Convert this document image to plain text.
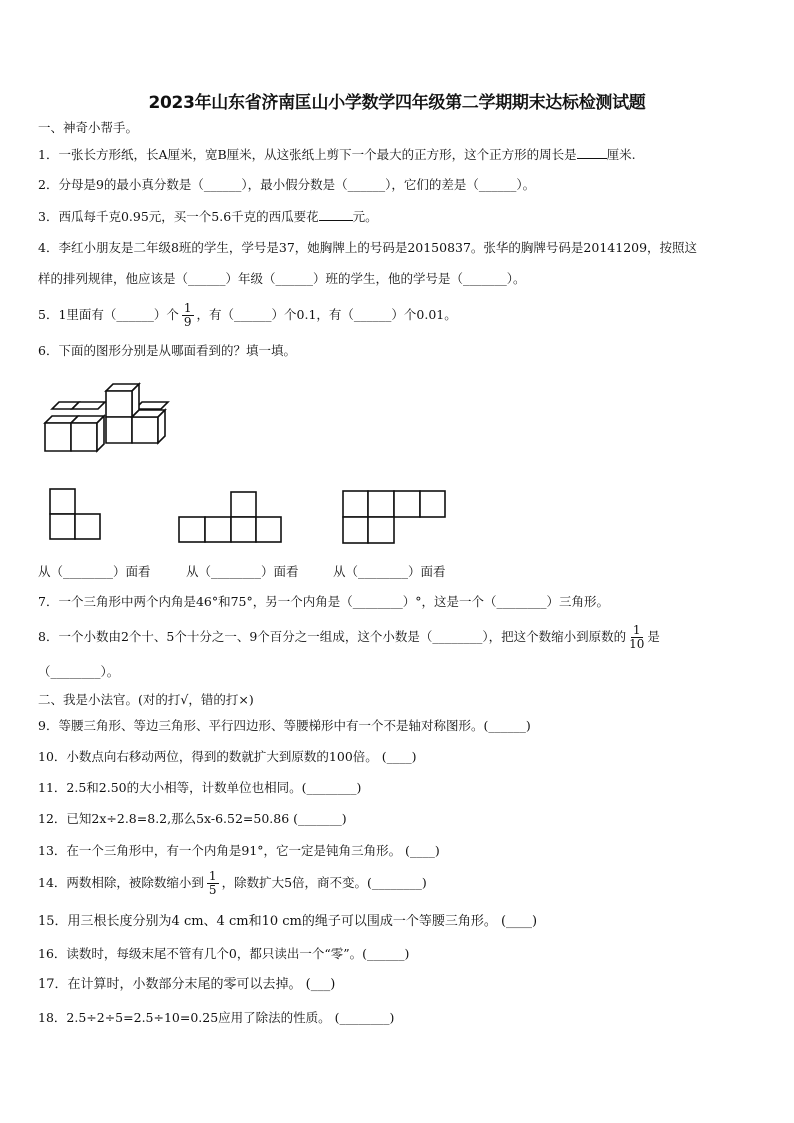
2023年山东省济南匡山小学数学四年级第二学期期末达标检测试题
一、神奇小帮手。
1．一张长方形纸，长A厘米，宽B厘米，从这张纸上剪下一个最大的正方形，这个正方形的周长是 厘米.
2．分母是9的最小真分数是（______），最小假分数是（______），它们的差是（______）。
3．西瓜每千克0.95元，买一个5.6千克的西瓜要花	元。
4．李红小朋友是二年级8班的学生，学号是37，她胸牌上的号码是20150837。张华的胸牌号码是20141209，按照这
样的排列规律，他应该是（______）年级（______）班的学生，他的学号是（_______）。
5．1里面有（______）个 $\frac{1}{9}$ ，有（______）个0.1，有（______）个0.01。
6．下面的图形分别是从哪面看到的？填一填。
从（________）面看	从（________）面看	从（________）面看
7．一个三角形中两个内角是46°和75°，另一个内角是（________）°，这是一个（________）三角形。
8．一个小数由2个十、5个十分之一、9个百分之一组成，这个小数是（________），把这个数缩小到原数的 $\frac{1}{10}$ 是
（________）。
二、我是小法官。(对的打√，错的打×)
9．等腰三角形、等边三角形、平行四边形、等腰梯形中有一个不是轴对称图形。(______)
10．小数点向右移动两位，得到的数就扩大到原数的100倍。 (____)
11．2.5和2.50的大小相等，计数单位也相同。(________)
12．已知2x÷2.8=8.2,那么5x-6.52=50.86 (_______)
13．在一个三角形中，有一个内角是91°，它一定是钝角三角形。 (____)
14．两数相除，被除数缩小到 $\frac{1}{5}$ ，除数扩大5倍，商不变。(________)
15．用三根长度分别为4 cm、4 cm和10 cm的绳子可以围成一个等腰三角形。 (____)
16．读数时，每级末尾不管有几个0，都只读出一个“零”。(______)
17．在计算时，小数部分末尾的零可以去掉。 (___)
18．2.5÷2÷5=2.5÷10=0.25应用了除法的性质。 (________)
